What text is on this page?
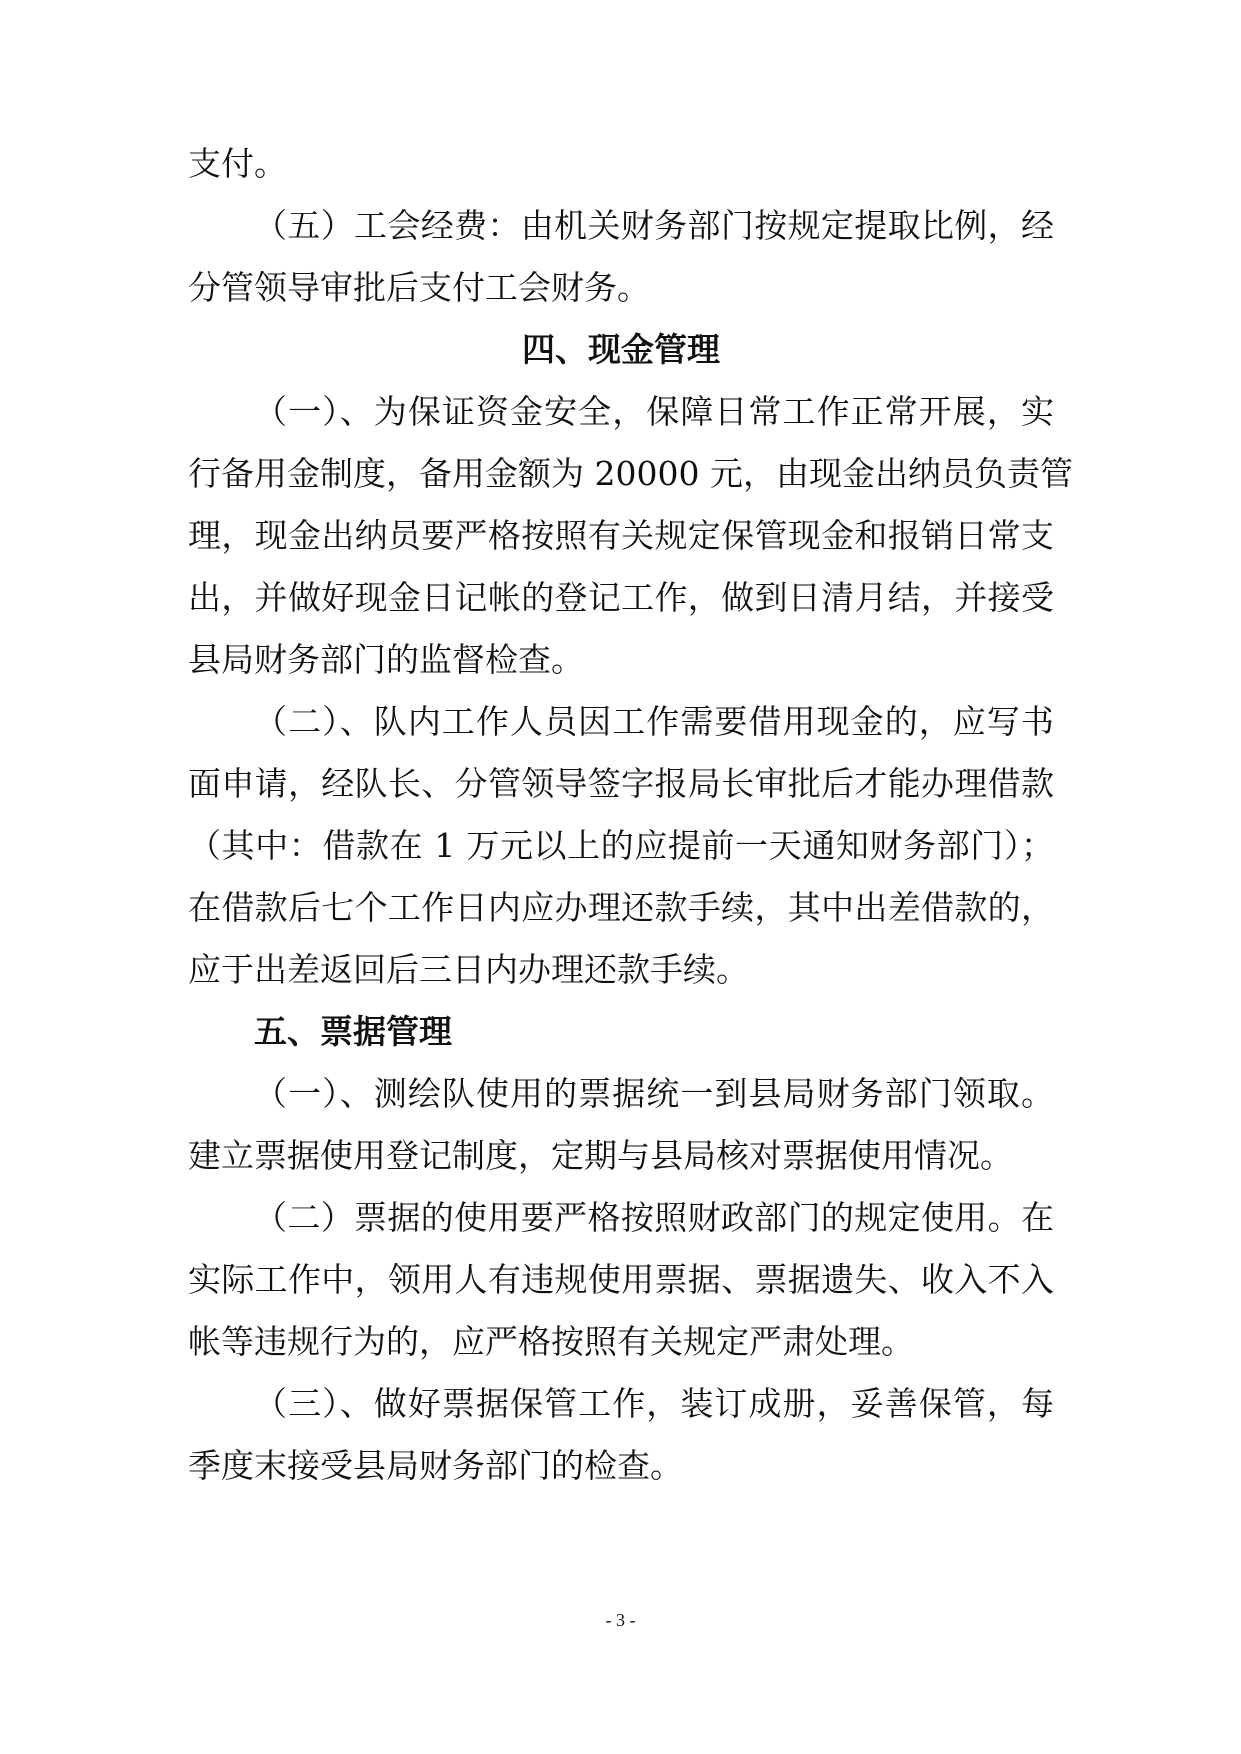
支付。
（五）工会经费：由机关财务部门按规定提取比例，经
分管领导审批后支付工会财务。
四、现金管理
（一）、为保证资金安全，保障日常工作正常开展，实
行备用金制度，备用金额为 20000 元，由现金出纳员负责管
理，现金出纳员要严格按照有关规定保管现金和报销日常支
出，并做好现金日记帐的登记工作，做到日清月结，并接受
县局财务部门的监督检查。
（二）、队内工作人员因工作需要借用现金的，应写书
面申请，经队长、分管领导签字报局长审批后才能办理借款
（其中：借款在 1 万元以上的应提前一天通知财务部门）；
在借款后七个工作日内应办理还款手续，其中出差借款的，
应于出差返回后三日内办理还款手续。
五、票据管理
（一）、测绘队使用的票据统一到县局财务部门领取。
建立票据使用登记制度，定期与县局核对票据使用情况。
（二）票据的使用要严格按照财政部门的规定使用。在
实际工作中，领用人有违规使用票据、票据遗失、收入不入
帐等违规行为的，应严格按照有关规定严肃处理。
（三）、做好票据保管工作，装订成册，妥善保管，每
季度末接受县局财务部门的检查。
- 3 -
